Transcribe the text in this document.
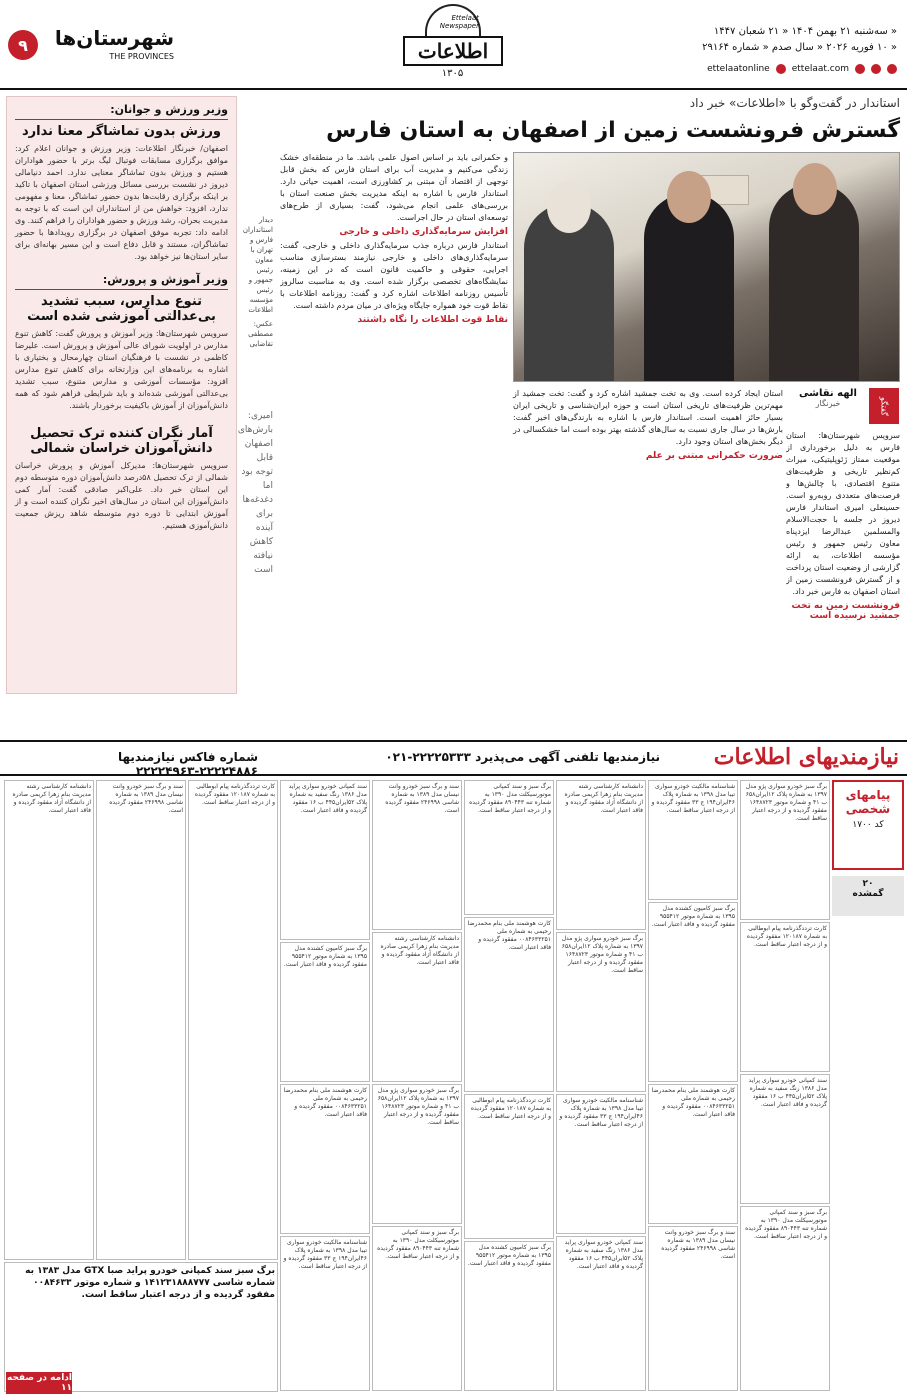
۹	شهرستان‌ها
THE PROVINCES
Ettelaat Newspaper
اطلاعات
۱۳۰۵
« سه‌شنبه ۲۱ بهمن ۱۴۰۴ « ۲۱ شعبان ۱۴۴۷
« ۱۰ فوریه ۲۰۲۶ « سال صدم « شماره ۲۹۱۶۴
ettelaat.com
ettelaatonline
وزیر ورزش و جوانان:
ورزش بدون تماشاگر معنا ندارد
اصفهان/ خبرنگار اطلاعات: وزیر ورزش و جوانان اعلام کرد: موافق برگزاری مسابقات فوتبال لیگ برتر با حضور هواداران هستیم و ورزش بدون تماشاگر معنایی ندارد. احمد دنیامالی دیروز در نشست بررسی مسائل ورزشی استان اصفهان با تاکید بر اینکه برگزاری رقابت‌ها بدون حضور تماشاگر، معنا و مفهومی ندارد، افزود: خواهش من از استانداران این است که با توجه به مدیریت بحران، رشد ورزش و حضور هواداران را فراهم کنند. وی ادامه داد: تجربه موفق اصفهان در برگزاری رویدادها با حضور تماشاگران، مستند و قابل دفاع است و این مسیر بهانه‌ای برای سایر استان‌ها نیز خواهد بود.
وزیر آموزش و پرورش:
تنوع مدارس، سبب تشدید بی‌عدالتی آموزشی شده است
سرویس شهرستان‌ها: وزیر آموزش و پرورش گفت: کاهش تنوع مدارس در اولویت شورای عالی آموزش و پرورش است. علیرضا کاظمی در نشست با فرهنگیان استان چهارمحال و بختیاری با اشاره به برنامه‌های این وزارتخانه برای کاهش تنوع مدارس افزود: مؤسسات آموزشی و مدارس متنوع، سبب تشدید بی‌عدالتی آموزشی شده‌اند و باید شرایطی فراهم شود که همه دانش‌آموزان از آموزش باکیفیت برخوردار باشند.
آمار نگران کننده ترک تحصیل دانش‌آموزان خراسان شمالی
سرویس شهرستان‌ها: مدیرکل آموزش و پرورش خراسان شمالی از ترک تحصیل ۵۸درصد دانش‌آموزان دوره متوسطه دوم این استان خبر داد. علی‌اکبر صادقی گفت: آمار کمی دانش‌آموزان این استان در سال‌های اخیر نگران کننده است و از آموزش ابتدایی تا دوره دوم متوسطه شاهد ریزش جمعیت دانش‌آموزی هستیم.
دیدار استانداران فارس و تهران با معاون رئیس جمهور و رئیس مؤسسه اطلاعات
عکس: مصطفی تقاضایی
امیری: بارش‌های اصفهان قابل توجه بود اما دغدغه‌ها برای آینده کاهش نیافته است
استاندار در گفت‌وگو با «اطلاعات» خبر داد
گسترش فرونشست زمین از اصفهان به استان فارس
استان ایجاد کرده است. وی به تخت جمشید اشاره کرد و گفت: تخت جمشید از مهم‌ترین ظرفیت‌های تاریخی استان است و حوزه ایران‌شناسی و تاریخی ایران بسیار حائز اهمیت است. استاندار فارس با اشاره به بارندگی‌های اخیر گفت: بارش‌ها در سال جاری نسبت به سال‌های گذشته بهتر بوده است اما خشکسالی در دیگر بخش‌های استان وجود دارد.
ضرورت حکمرانی مبتنی بر علم
سرویس شهرستان‌ها: استان فارس به دلیل برخورداری از موقعیت ممتاز ژئوپلیتیکی، میراث کم‌نظیر تاریخی و ظرفیت‌های متنوع اقتصادی، با چالش‌ها و فرصت‌های متعددی روبه‌رو است. حسینعلی امیری استاندار فارس دیروز در جلسه با حجت‌الاسلام والمسلمین عبدالرضا ایزدپناه معاون رئیس جمهور و رئیس مؤسسه اطلاعات، به ارائه گزارشی از وضعیت استان پرداخت و از گسترش فرونشست زمین از استان اصفهان به فارس خبر داد.
فرونشست زمین به تخت جمشید نرسیده است
گفتگو
الهه نقاشی
خبرنگار
و حکمرانی باید بر اساس اصول علمی باشد. ما در منطقه‌ای خشک زندگی می‌کنیم و مدیریت آب برای استان فارس که بخش قابل توجهی از اقتصاد آن مبتنی بر کشاورزی است، اهمیت حیاتی دارد. استاندار فارس با اشاره به اینکه مدیریت بخش صنعت استان با بررسی‌های علمی انجام می‌شود، گفت: بسیاری از طرح‌های توسعه‌ای استان در حال اجراست.
افزایش سرمایه‌گذاری داخلی و خارجی
استاندار فارس درباره جذب سرمایه‌گذاری داخلی و خارجی، گفت: سرمایه‌گذاری‌های داخلی و خارجی نیازمند بسترسازی مناسب اجرایی، حقوقی و حاکمیت قانون است که در این زمینه، نمایشگاه‌های تخصصی برگزار شده است. وی به مناسبت سالروز تأسیس روزنامه اطلاعات اشاره کرد و گفت: روزنامه اطلاعات با نقاط قوت خود همواره جایگاه ویژه‌ای در میان مردم داشته است.
نقاط قوت اطلاعات را نگاه داشتند
نیازمندیهای اطلاعات
نیازمندیها تلفنی آگهی می‌پذیرد ۲۲۲۲۵۳۳۳-۰۲۱
شماره فاکس نیازمندیها ۲۲۲۲۴۸۸۶-۲۲۲۲۴۹۶۳
برگ سبز خودرو سواری پژو مدل ۱۳۹۷ به شماره پلاک ۱۲ایران۶۵۸ ب ۴۱ و شماره موتور ۱۶۴۸۷۲۳ مفقود گردیده و از درجه اعتبار ساقط است.
کارت ترددگذرنامه پیام ابوطالبی به شماره ۱۲۰۱۸۷ مفقود گردیده و از درجه اعتبار ساقط است.
سند کمپانی خودرو سواری پراید مدل ۱۳۸۶ رنگ سفید به شماره پلاک ۵۲ایران۴۴۵ ب ۱۶ مفقود گردیده و فاقد اعتبار است.
برگ سبز و سند کمپانی موتورسیکلت مدل ۱۳۹۰ به شماره تنه ۸۹۰۴۴۳ مفقود گردیده و از درجه اعتبار ساقط است.
شناسنامه مالکیت خودرو سواری تیبا مدل ۱۳۹۸ به شماره پلاک ۴۶ایران۱۹۴ ج ۳۳ مفقود گردیده و از درجه اعتبار ساقط است.
برگ سبز کامیون کشنده مدل ۱۳۹۵ به شماره موتور ۹۵۵۴۱۲ مفقود گردیده و فاقد اعتبار است.
کارت هوشمند ملی بنام محمدرضا رحیمی به شماره ملی ۰۰۸۴۶۳۳۲۵۱ مفقود گردیده و فاقد اعتبار است.
سند و برگ سبز خودرو وانت نیسان مدل ۱۳۸۹ به شماره شاسی ۲۴۶۹۹۸ مفقود گردیده است.
دانشنامه کارشناسی رشته مدیریت بنام زهرا کریمی صادره از دانشگاه آزاد مفقود گردیده و فاقد اعتبار است.
برگ سبز خودرو سواری پژو مدل ۱۳۹۷ به شماره پلاک ۱۲ایران۶۵۸ ب ۴۱ و شماره موتور ۱۶۴۸۷۲۳ مفقود گردیده و از درجه اعتبار ساقط است.
شناسنامه مالکیت خودرو سواری تیبا مدل ۱۳۹۸ به شماره پلاک ۴۶ایران۱۹۴ ج ۳۳ مفقود گردیده و از درجه اعتبار ساقط است.
سند کمپانی خودرو سواری پراید مدل ۱۳۸۶ رنگ سفید به شماره پلاک ۵۲ایران۴۴۵ ب ۱۶ مفقود گردیده و فاقد اعتبار است.
برگ سبز و سند کمپانی موتورسیکلت مدل ۱۳۹۰ به شماره تنه ۸۹۰۴۴۳ مفقود گردیده و از درجه اعتبار ساقط است.
کارت هوشمند ملی بنام محمدرضا رحیمی به شماره ملی ۰۰۸۴۶۳۳۲۵۱ مفقود گردیده و فاقد اعتبار است.
کارت ترددگذرنامه پیام ابوطالبی به شماره ۱۲۰۱۸۷ مفقود گردیده و از درجه اعتبار ساقط است.
برگ سبز کامیون کشنده مدل ۱۳۹۵ به شماره موتور ۹۵۵۴۱۲ مفقود گردیده و فاقد اعتبار است.
سند و برگ سبز خودرو وانت نیسان مدل ۱۳۸۹ به شماره شاسی ۲۴۶۹۹۸ مفقود گردیده است.
دانشنامه کارشناسی رشته مدیریت بنام زهرا کریمی صادره از دانشگاه آزاد مفقود گردیده و فاقد اعتبار است.
برگ سبز خودرو سواری پژو مدل ۱۳۹۷ به شماره پلاک ۱۲ایران۶۵۸ ب ۴۱ و شماره موتور ۱۶۴۸۷۲۳ مفقود گردیده و از درجه اعتبار ساقط است.
برگ سبز و سند کمپانی موتورسیکلت مدل ۱۳۹۰ به شماره تنه ۸۹۰۴۴۳ مفقود گردیده و از درجه اعتبار ساقط است.
سند کمپانی خودرو سواری پراید مدل ۱۳۸۶ رنگ سفید به شماره پلاک ۵۲ایران۴۴۵ ب ۱۶ مفقود گردیده و فاقد اعتبار است.
برگ سبز کامیون کشنده مدل ۱۳۹۵ به شماره موتور ۹۵۵۴۱۲ مفقود گردیده و فاقد اعتبار است.
کارت هوشمند ملی بنام محمدرضا رحیمی به شماره ملی ۰۰۸۴۶۳۳۲۵۱ مفقود گردیده و فاقد اعتبار است.
شناسنامه مالکیت خودرو سواری تیبا مدل ۱۳۹۸ به شماره پلاک ۴۶ایران۱۹۴ ج ۳۳ مفقود گردیده و از درجه اعتبار ساقط است.
کارت ترددگذرنامه پیام ابوطالبی به شماره ۱۲۰۱۸۷ مفقود گردیده و از درجه اعتبار ساقط است.
سند و برگ سبز خودرو وانت نیسان مدل ۱۳۸۹ به شماره شاسی ۲۴۶۹۹۸ مفقود گردیده است.
دانشنامه کارشناسی رشته مدیریت بنام زهرا کریمی صادره از دانشگاه آزاد مفقود گردیده و فاقد اعتبار است.
برگ سبز سند کمپانی خودرو پراید صبا GTX مدل ۱۳۸۳ به شماره شاسی ۱۴۱۲۳۱۸۸۸۷۷۷ و شماره موتور ۰۰۸۴۶۳۳ مفقود گردیده و از درجه اعتبار ساقط است.
پیامهای شخصی
کد ۱۷۰۰
۲۰
گمشده
ادامه در صفحه ۱۱
